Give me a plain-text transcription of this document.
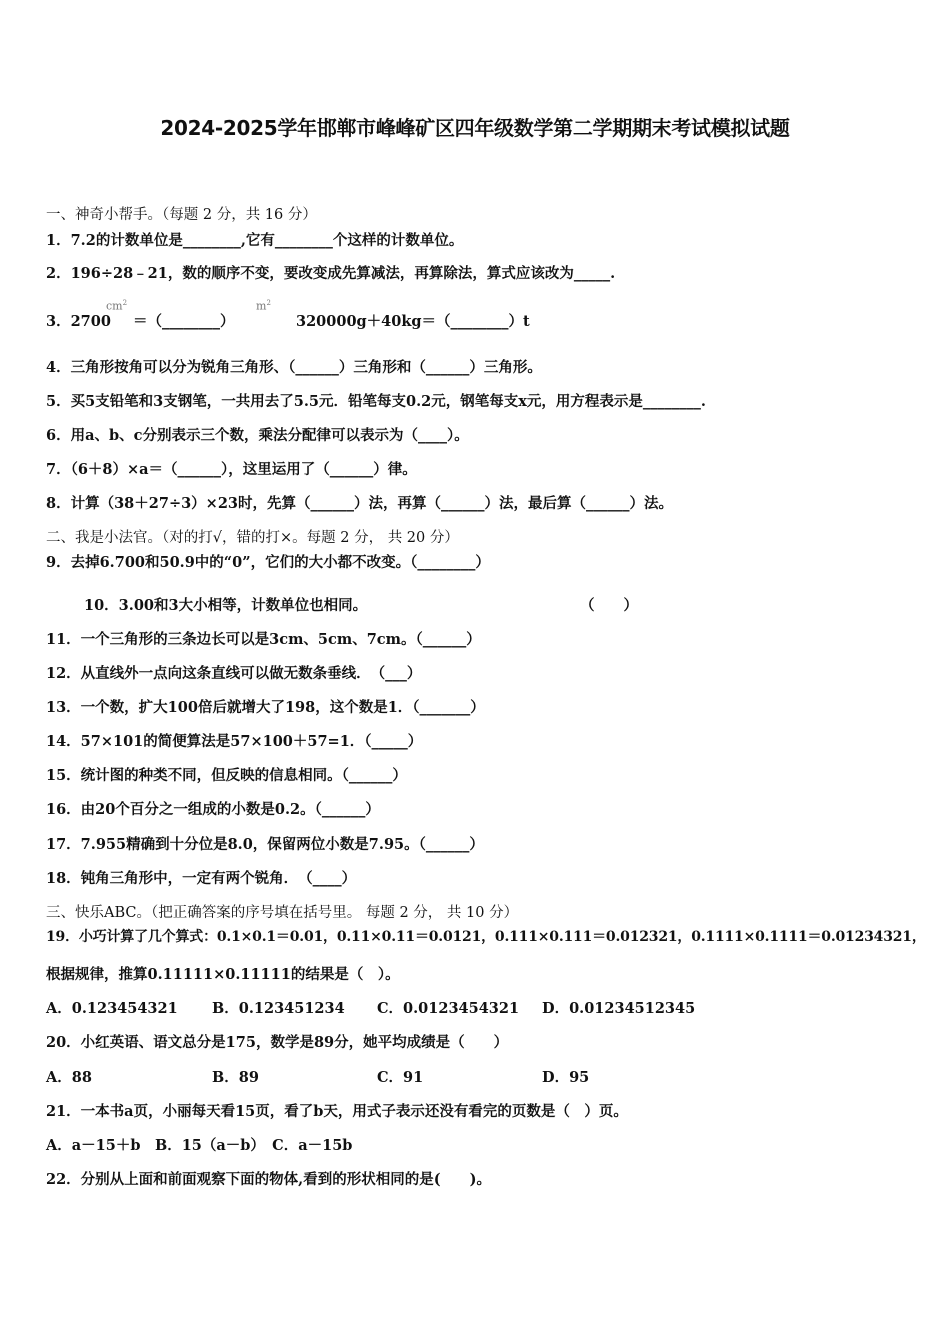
2024-2025学年邯郸市峰峰矿区四年级数学第二学期期末考试模拟试题
一、神奇小帮手。（每题 2 分，共 16 分）
1．7.2的计数单位是________,它有________个这样的计数单位。
2．196÷28﹣21，数的顺序不变，要改变成先算减法，再算除法，算式应该改为_____.
3．2700
$cm^2$
＝（________）
$m^2$
320000g＋40kg＝（________）t
4．三角形按角可以分为锐角三角形、（______）三角形和（______）三角形。
5．买5支铅笔和3支钢笔，一共用去了5.5元．铅笔每支0.2元，钢笔每支x元，用方程表示是________.
6．用a、b、c分别表示三个数，乘法分配律可以表示为（____）。
7．（6＋8）×a＝（______），这里运用了（______）律。
8．计算（38＋27÷3）×23时，先算（______）法，再算（______）法，最后算（______）法。
二、我是小法官。（对的打√，错的打×。每题 2 分， 共 20 分）
9．去掉6.700和50.9中的“0”，它们的大小都不改变。（________）
10．3.00和3大小相等，计数单位也相同。	（　　）
11．一个三角形的三条边长可以是3cm、5cm、7cm。（______）
12．从直线外一点向这条直线可以做无数条垂线．　（___）
13．一个数，扩大100倍后就增大了198，这个数是1．（_______）
14．57×101的简便算法是57×100＋57=1．（_____）
15．统计图的种类不同，但反映的信息相同。（______）
16．由20个百分之一组成的小数是0.2。（______）
17．7.955精确到十分位是8.0，保留两位小数是7.95。（______）
18．钝角三角形中，一定有两个锐角．　（____）
三、快乐ABC。（把正确答案的序号填在括号里。 每题 2 分， 共 10 分）
19．小巧计算了几个算式：0.1×0.1＝0.01，0.11×0.11＝0.0121，0.111×0.111＝0.012321，0.1111×0.1111＝0.01234321，
根据规律，推算0.11111×0.11111的结果是（　）。
A．0.123454321 B．0.123451234 C．0.0123454321 D．0.01234512345
20．小红英语、语文总分是175，数学是89分，她平均成绩是（　　）
A．88	B．89	C．91	D．95
21．一本书a页，小丽每天看15页，看了b天，用式子表示还没有看完的页数是（　）页。
A．a－15＋b　B．15（a－b）　C．a－15b
22．分别从上面和前面观察下面的物体,看到的形状相同的是(　　)。
